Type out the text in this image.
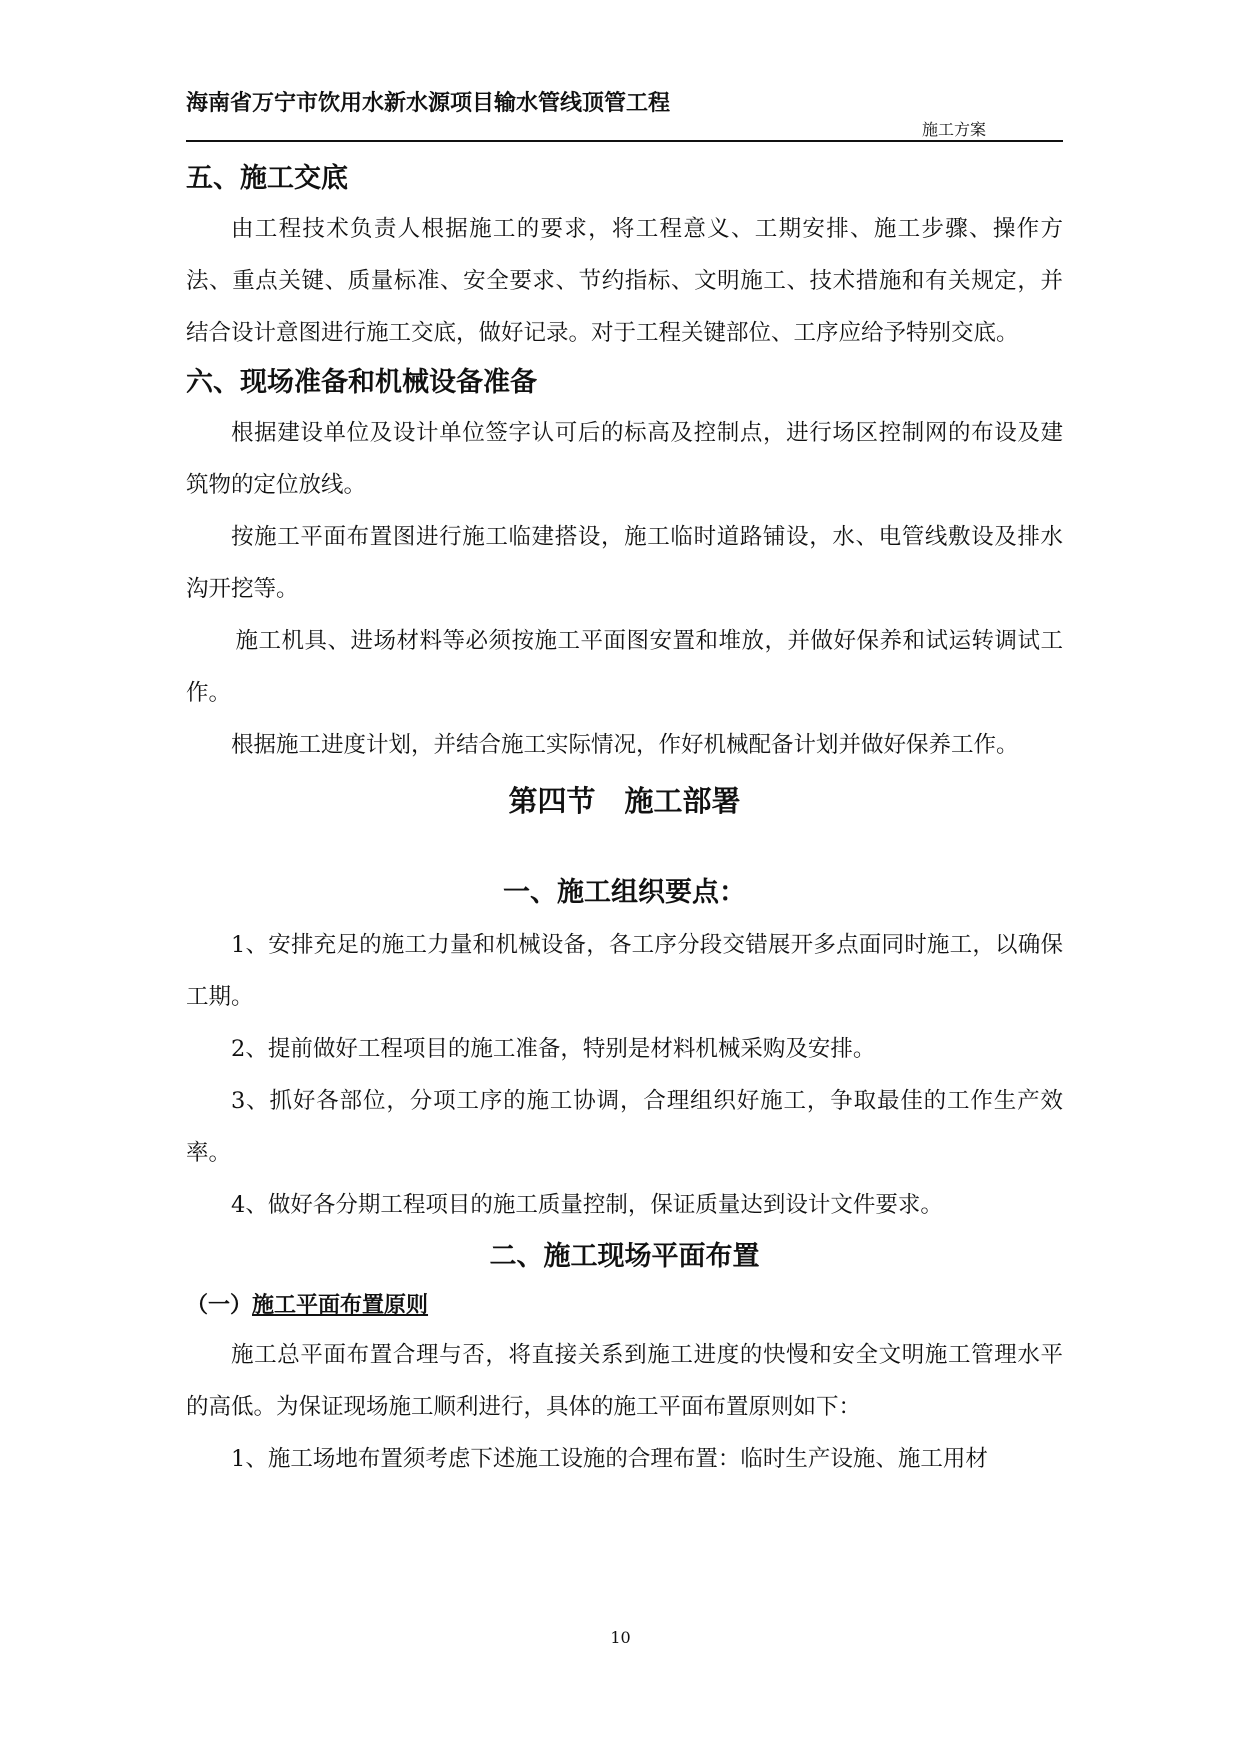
海南省万宁市饮用水新水源项目输水管线顶管工程
施工方案
五、施工交底

由工程技术负责人根据施工的要求，将工程意义、工期安排、施工步骤、操作方法、重点关键、质量标准、安全要求、节约指标、文明施工、技术措施和有关规定，并结合设计意图进行施工交底，做好记录。对于工程关键部位、工序应给予特别交底。

六、现场准备和机械设备准备

根据建设单位及设计单位签字认可后的标高及控制点，进行场区控制网的布设及建筑物的定位放线。

按施工平面布置图进行施工临建搭设，施工临时道路铺设，水、电管线敷设及排水沟开挖等。

施工机具、进场材料等必须按施工平面图安置和堆放，并做好保养和试运转调试工作。

根据施工进度计划，并结合施工实际情况，作好机械配备计划并做好保养工作。

第四节　施工部署
一、施工组织要点：

1、安排充足的施工力量和机械设备，各工序分段交错展开多点面同时施工，以确保工期。

2、提前做好工程项目的施工准备，特别是材料机械采购及安排。

3、抓好各部位，分项工序的施工协调，合理组织好施工，争取最佳的工作生产效率。

4、做好各分期工程项目的施工质量控制，保证质量达到设计文件要求。

二、施工现场平面布置
（一）施工平面布置原则

施工总平面布置合理与否，将直接关系到施工进度的快慢和安全文明施工管理水平的高低。为保证现场施工顺利进行，具体的施工平面布置原则如下：

1、施工场地布置须考虑下述施工设施的合理布置：临时生产设施、施工用材

10
